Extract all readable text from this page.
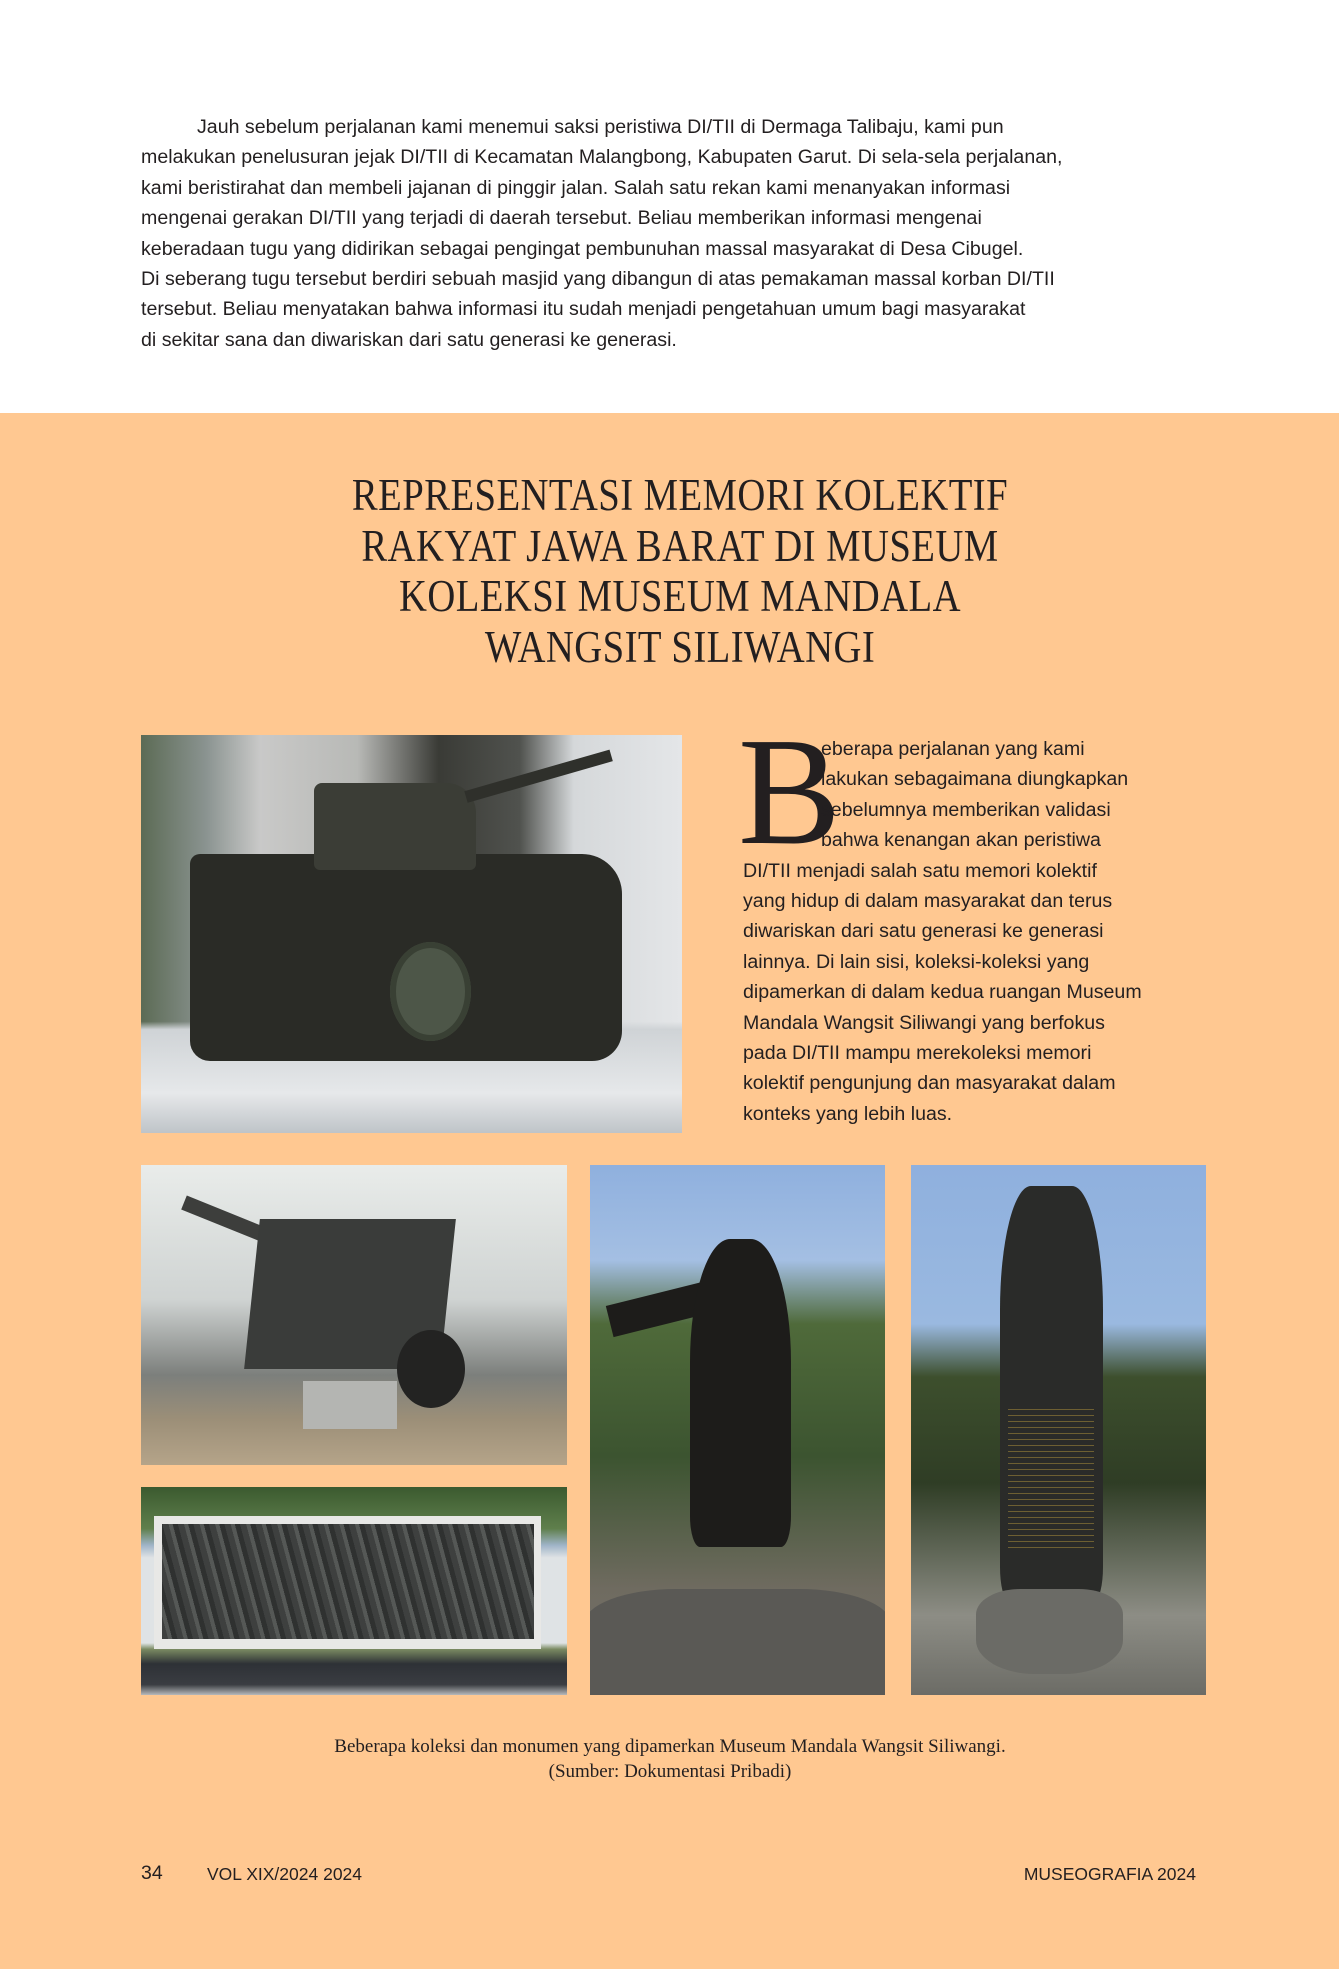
Jauh sebelum perjalanan kami menemui saksi peristiwa DI/TII di Dermaga Talibaju, kami pun
melakukan penelusuran jejak DI/TII di Kecamatan Malangbong, Kabupaten Garut. Di sela-sela perjalanan,
kami beristirahat dan membeli jajanan di pinggir jalan. Salah satu rekan kami menanyakan informasi
mengenai gerakan DI/TII yang terjadi di daerah tersebut. Beliau memberikan informasi mengenai
keberadaan tugu yang didirikan sebagai pengingat pembunuhan massal masyarakat di Desa Cibugel.
Di seberang tugu tersebut berdiri sebuah masjid yang dibangun di atas pemakaman massal korban DI/TII
tersebut. Beliau menyatakan bahwa informasi itu sudah menjadi pengetahuan umum bagi masyarakat
di sekitar sana dan diwariskan dari satu generasi ke generasi.

REPRESENTASI MEMORI KOLEKTIF
RAKYAT JAWA BARAT DI MUSEUM
KOLEKSI MUSEUM MANDALA
WANGSIT SILIWANGI
B
eberapa perjalanan yang kami
lakukan sebagaimana diungkapkan
sebelumnya memberikan validasi
bahwa kenangan akan peristiwa
DI/TII menjadi salah satu memori kolektif
yang hidup di dalam masyarakat dan terus
diwariskan dari satu generasi ke generasi
lainnya. Di lain sisi, koleksi-koleksi yang
dipamerkan di dalam kedua ruangan Museum
Mandala Wangsit Siliwangi yang berfokus
pada DI/TII mampu merekoleksi memori
kolektif pengunjung dan masyarakat dalam
konteks yang lebih luas.
Beberapa koleksi dan monumen yang dipamerkan Museum Mandala Wangsit Siliwangi.
(Sumber: Dokumentasi Pribadi)
34	VOL XIX/2024 2024	MUSEOGRAFIA 2024
